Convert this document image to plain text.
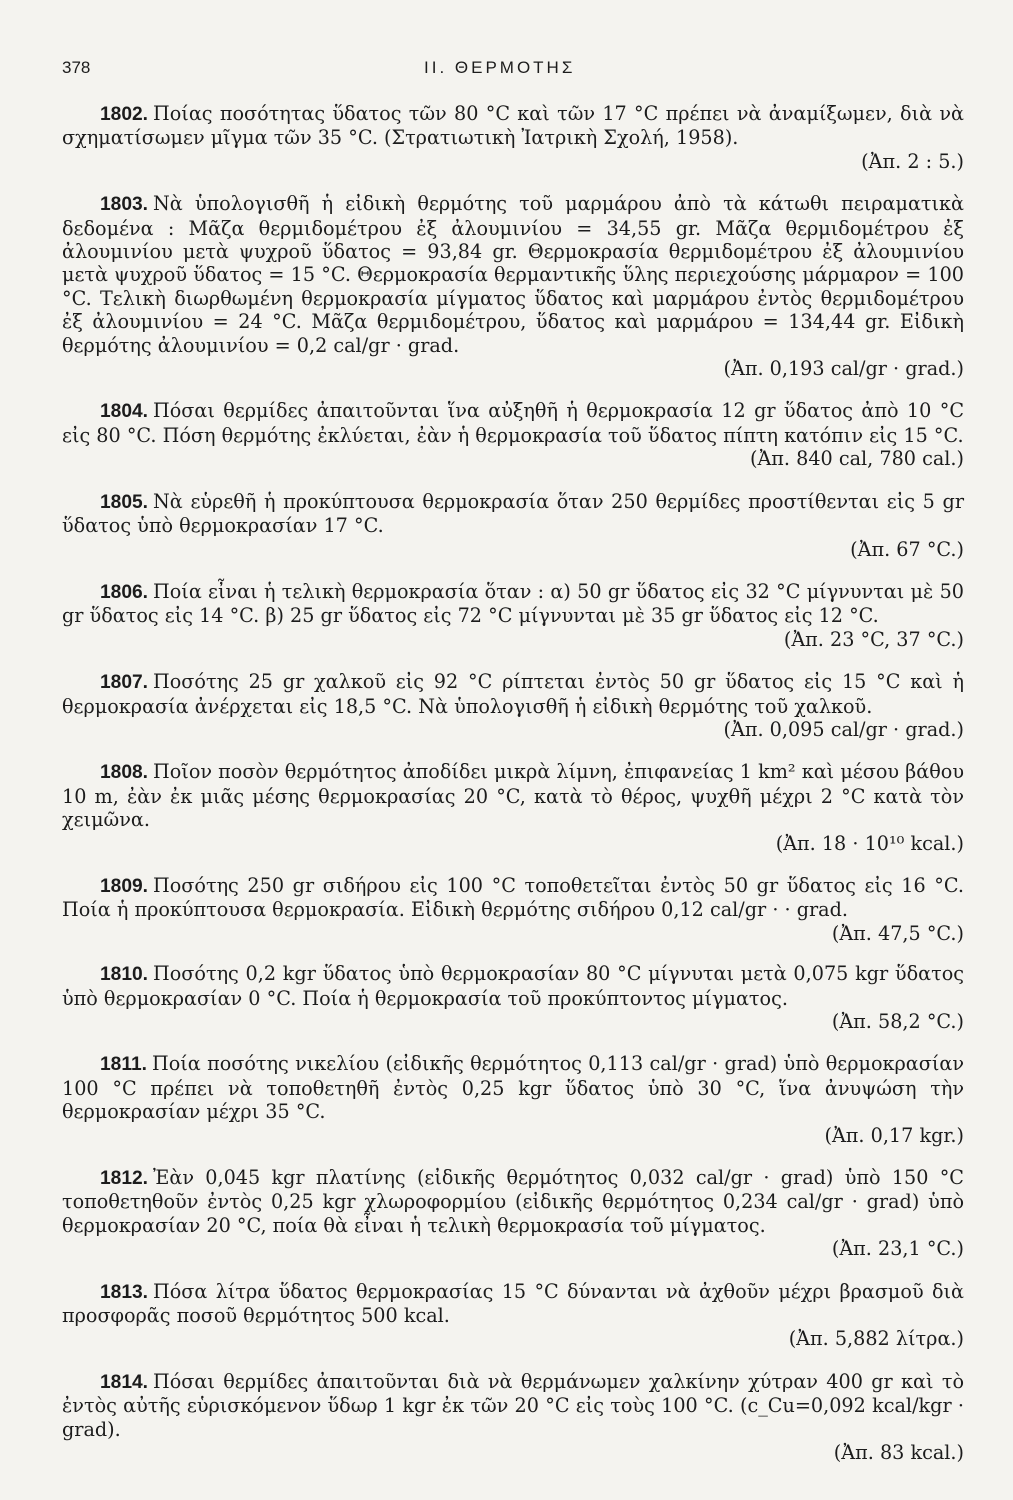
378	II. ΘΕΡΜΟΤΗΣ

1802. Ποίας ποσότητας ὕδατος τῶν 80 °C καὶ τῶν 17 °C πρέπει νὰ ἀναμίξωμεν, διὰ νὰ σχηματίσωμεν μῖγμα τῶν 35 °C. (Στρατιωτικὴ Ἰατρικὴ Σχολή, 1958).
(Ἀπ. 2 : 5.)

1803. Νὰ ὑπολογισθῆ ἡ εἰδικὴ θερμότης τοῦ μαρμάρου ἀπὸ τὰ κάτωθι πειραματικὰ δεδομένα : Μᾶζα θερμιδομέτρου ἐξ ἀλουμινίου = 34,55 gr. Μᾶζα θερμιδομέτρου ἐξ ἀλουμινίου μετὰ ψυχροῦ ὕδατος = 93,84 gr. Θερμοκρασία θερμιδομέτρου ἐξ ἀλουμινίου μετὰ ψυχροῦ ὕδατος = 15 °C. Θερμοκρασία θερμαντικῆς ὕλης περιεχούσης μάρμαρον = 100 °C. Τελικὴ διωρθωμένη θερμοκρασία μίγματος ὕδατος καὶ μαρμάρου ἐντὸς θερμιδομέτρου ἐξ ἀλουμινίου = 24 °C. Μᾶζα θερμιδομέτρου, ὕδατος καὶ μαρμάρου = 134,44 gr. Εἰδικὴ θερμότης ἀλουμινίου = 0,2 cal/gr · grad.
(Ἀπ. 0,193 cal/gr · grad.)

1804. Πόσαι θερμίδες ἀπαιτοῦνται ἵνα αὐξηθῆ ἡ θερμοκρασία 12 gr ὕδατος ἀπὸ 10 °C εἰς 80 °C. Πόση θερμότης ἐκλύεται, ἐὰν ἡ θερμοκρασία τοῦ ὕδατος πίπτη κατόπιν εἰς 15 °C.
(Ἀπ. 840 cal, 780 cal.)

1805. Νὰ εὑρεθῆ ἡ προκύπτουσα θερμοκρασία ὅταν 250 θερμίδες προστίθενται εἰς 5 gr ὕδατος ὑπὸ θερμοκρασίαν 17 °C.
(Ἀπ. 67 °C.)

1806. Ποία εἶναι ἡ τελικὴ θερμοκρασία ὅταν : α) 50 gr ὕδατος εἰς 32 °C μίγνυνται μὲ 50 gr ὕδατος εἰς 14 °C. β) 25 gr ὕδατος εἰς 72 °C μίγνυνται μὲ 35 gr ὕδατος εἰς 12 °C.
(Ἀπ. 23 °C, 37 °C.)

1807. Ποσότης 25 gr χαλκοῦ εἰς 92 °C ρίπτεται ἐντὸς 50 gr ὕδατος εἰς 15 °C καὶ ἡ θερμοκρασία ἀνέρχεται εἰς 18,5 °C. Νὰ ὑπολογισθῆ ἡ εἰδικὴ θερμότης τοῦ χαλκοῦ.
(Ἀπ. 0,095 cal/gr · grad.)

1808. Ποῖον ποσὸν θερμότητος ἀποδίδει μικρὰ λίμνη, ἐπιφανείας 1 km² καὶ μέσου βάθου 10 m, ἐὰν ἐκ μιᾶς μέσης θερμοκρασίας 20 °C, κατὰ τὸ θέρος, ψυχθῆ μέχρι 2 °C κατὰ τὸν χειμῶνα.
(Ἀπ. 18 · 10¹⁰ kcal.)

1809. Ποσότης 250 gr σιδήρου εἰς 100 °C τοποθετεῖται ἐντὸς 50 gr ὕδατος εἰς 16 °C. Ποία ἡ προκύπτουσα θερμοκρασία. Εἰδικὴ θερμότης σιδήρου 0,12 cal/gr · · grad.
(Ἀπ. 47,5 °C.)

1810. Ποσότης 0,2 kgr ὕδατος ὑπὸ θερμοκρασίαν 80 °C μίγνυται μετὰ 0,075 kgr ὕδατος ὑπὸ θερμοκρασίαν 0 °C. Ποία ἡ θερμοκρασία τοῦ προκύπτοντος μίγματος.
(Ἀπ. 58,2 °C.)

1811. Ποία ποσότης νικελίου (εἰδικῆς θερμότητος 0,113 cal/gr · grad) ὑπὸ θερμοκρασίαν 100 °C πρέπει νὰ τοποθετηθῆ ἐντὸς 0,25 kgr ὕδατος ὑπὸ 30 °C, ἵνα ἀνυψώση τὴν θερμοκρασίαν μέχρι 35 °C.
(Ἀπ. 0,17 kgr.)

1812. Ἐὰν 0,045 kgr πλατίνης (εἰδικῆς θερμότητος 0,032 cal/gr · grad) ὑπὸ 150 °C τοποθετηθοῦν ἐντὸς 0,25 kgr χλωροφορμίου (εἰδικῆς θερμότητος 0,234 cal/gr · grad) ὑπὸ θερμοκρασίαν 20 °C, ποία θὰ εἶναι ἡ τελικὴ θερμοκρασία τοῦ μίγματος.
(Ἀπ. 23,1 °C.)

1813. Πόσα λίτρα ὕδατος θερμοκρασίας 15 °C δύνανται νὰ ἀχθοῦν μέχρι βρασμοῦ διὰ προσφορᾶς ποσοῦ θερμότητος 500 kcal.
(Ἀπ. 5,882 λίτρα.)

1814. Πόσαι θερμίδες ἀπαιτοῦνται διὰ νὰ θερμάνωμεν χαλκίνην χύτραν 400 gr καὶ τὸ ἐντὸς αὐτῆς εὑρισκόμενον ὕδωρ 1 kgr ἐκ τῶν 20 °C εἰς τοὺς 100 °C. (c_Cu=0,092 kcal/kgr · grad).
(Ἀπ. 83 kcal.)
